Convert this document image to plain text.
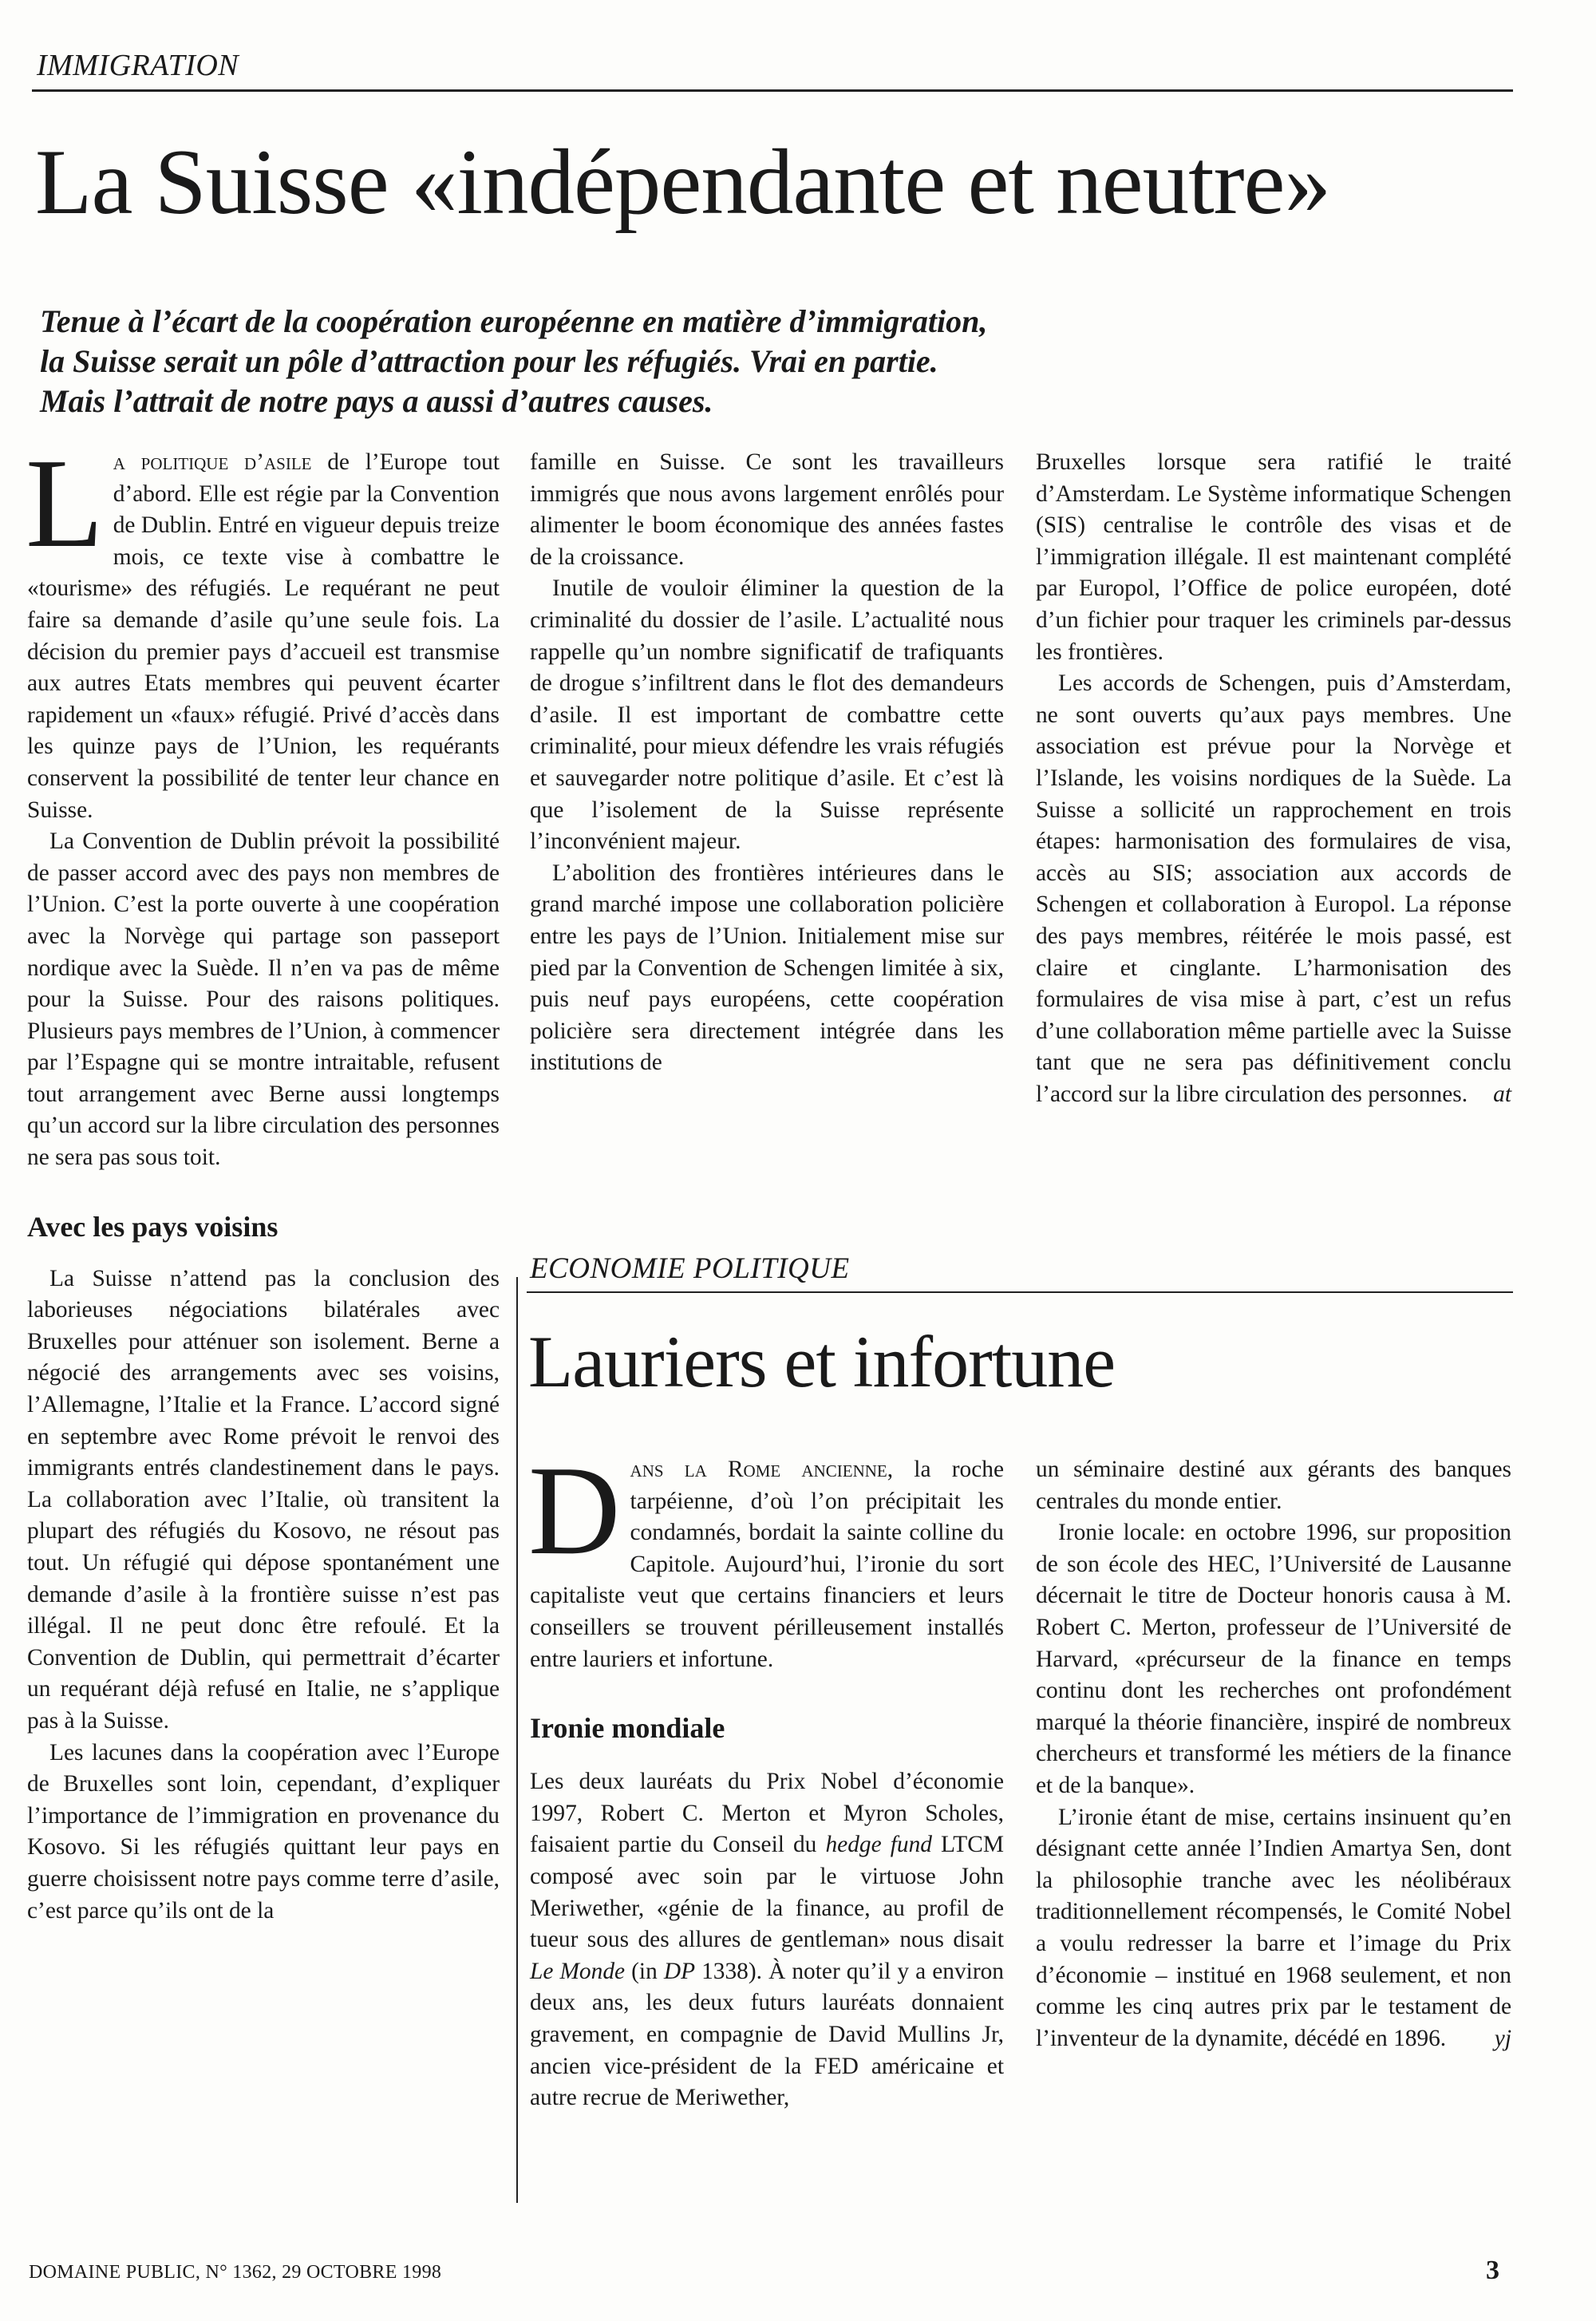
IMMIGRATION
La Suisse «indépendante et neutre»
Tenue à l’écart de la coopération européenne en matière d’immigration,
la Suisse serait un pôle d’attraction pour les réfugiés. Vrai en partie.
Mais l’attrait de notre pays a aussi d’autres causes.

La politique d’asile de l’Europe tout d’abord. Elle est régie par la Convention de Dublin. Entré en vigueur depuis treize mois, ce texte vise à combattre le «tourisme» des réfugiés. Le requérant ne peut faire sa demande d’asile qu’une seule fois. La décision du premier pays d’accueil est transmise aux autres Etats membres qui peuvent écarter rapidement un «faux» réfugié. Privé d’accès dans les quinze pays de l’Union, les requérants conservent la possibilité de tenter leur chance en Suisse.

La Convention de Dublin prévoit la possibilité de passer accord avec des pays non membres de l’Union. C’est la porte ouverte à une coopération avec la Norvège qui partage son passeport nordique avec la Suède. Il n’en va pas de même pour la Suisse. Pour des raisons politiques. Plusieurs pays membres de l’Union, à commencer par l’Espagne qui se montre intraitable, refusent tout arrangement avec Berne aussi longtemps qu’un accord sur la libre circulation des personnes ne sera pas sous toit.

Avec les pays voisins

La Suisse n’attend pas la conclusion des laborieuses négociations bilatérales avec Bruxelles pour atténuer son isolement. Berne a négocié des arrangements avec ses voisins, l’Allemagne, l’Italie et la France. L’accord signé en septembre avec Rome prévoit le renvoi des immigrants entrés clandestinement dans le pays. La collaboration avec l’Italie, où transitent la plupart des réfugiés du Kosovo, ne résout pas tout. Un réfugié qui dépose spontanément une demande d’asile à la frontière suisse n’est pas illégal. Il ne peut donc être refoulé. Et la Convention de Dublin, qui permettrait d’écarter un requérant déjà refusé en Italie, ne s’applique pas à la Suisse.

Les lacunes dans la coopération avec l’Europe de Bruxelles sont loin, cependant, d’expliquer l’importance de l’immigration en provenance du Kosovo. Si les réfugiés quittant leur pays en guerre choisissent notre pays comme terre d’asile, c’est parce qu’ils ont de la

famille en Suisse. Ce sont les travailleurs immigrés que nous avons largement enrôlés pour alimenter le boom économique des années fastes de la croissance.

Inutile de vouloir éliminer la question de la criminalité du dossier de l’asile. L’actualité nous rappelle qu’un nombre significatif de trafiquants de drogue s’infiltrent dans le flot des demandeurs d’asile. Il est important de combattre cette criminalité, pour mieux défendre les vrais réfugiés et sauvegarder notre politique d’asile. Et c’est là que l’isolement de la Suisse représente l’inconvénient majeur.

L’abolition des frontières intérieures dans le grand marché impose une collaboration policière entre les pays de l’Union. Initialement mise sur pied par la Convention de Schengen limitée à six, puis neuf pays européens, cette coopération policière sera directement intégrée dans les institutions de

Bruxelles lorsque sera ratifié le traité d’Amsterdam. Le Système informatique Schengen (SIS) centralise le contrôle des visas et de l’immigration illégale. Il est maintenant complété par Europol, l’Office de police européen, doté d’un fichier pour traquer les criminels par-dessus les frontières.

Les accords de Schengen, puis d’Amsterdam, ne sont ouverts qu’aux pays membres. Une association est prévue pour la Norvège et l’Islande, les voisins nordiques de la Suède. La Suisse a sollicité un rapprochement en trois étapes: harmonisation des formulaires de visa, accès au SIS; association aux accords de Schengen et collaboration à Europol. La réponse des pays membres, réitérée le mois passé, est claire et cinglante. L’harmonisation des formulaires de visa mise à part, c’est un refus d’une collaboration même partielle avec la Suisse tant que ne sera pas définitivement conclu l’accord sur la libre circulation des personnes.	at

ECONOMIE POLITIQUE
Lauriers et infortune

Dans la Rome ancienne, la roche tarpéienne, d’où l’on précipitait les condamnés, bordait la sainte colline du Capitole. Aujourd’hui, l’ironie du sort capitaliste veut que certains financiers et leurs conseillers se trouvent périlleusement installés entre lauriers et infortune.

Ironie mondiale

Les deux lauréats du Prix Nobel d’économie 1997, Robert C. Merton et Myron Scholes, faisaient partie du Conseil du hedge fund LTCM composé avec soin par le virtuose John Meriwether, «génie de la finance, au profil de tueur sous des allures de gentleman» nous disait Le Monde (in DP 1338). À noter qu’il y a environ deux ans, les deux futurs lauréats donnaient gravement, en compagnie de David Mullins Jr, ancien vice-président de la FED américaine et autre recrue de Meriwether,

un séminaire destiné aux gérants des banques centrales du monde entier.

Ironie locale: en octobre 1996, sur proposition de son école des HEC, l’Université de Lausanne décernait le titre de Docteur honoris causa à M. Robert C. Merton, professeur de l’Université de Harvard, «précurseur de la finance en temps continu dont les recherches ont profondément marqué la théorie financière, inspiré de nombreux chercheurs et transformé les métiers de la finance et de la banque».

L’ironie étant de mise, certains insinuent qu’en désignant cette année l’Indien Amartya Sen, dont la philosophie tranche avec les néolibéraux traditionnellement récompensés, le Comité Nobel a voulu redresser la barre et l’image du Prix d’économie – institué en 1968 seulement, et non comme les cinq autres prix par le testament de l’inventeur de la dynamite, décédé en 1896.	yj

DOMAINE PUBLIC, N° 1362, 29 OCTOBRE 1998	3
